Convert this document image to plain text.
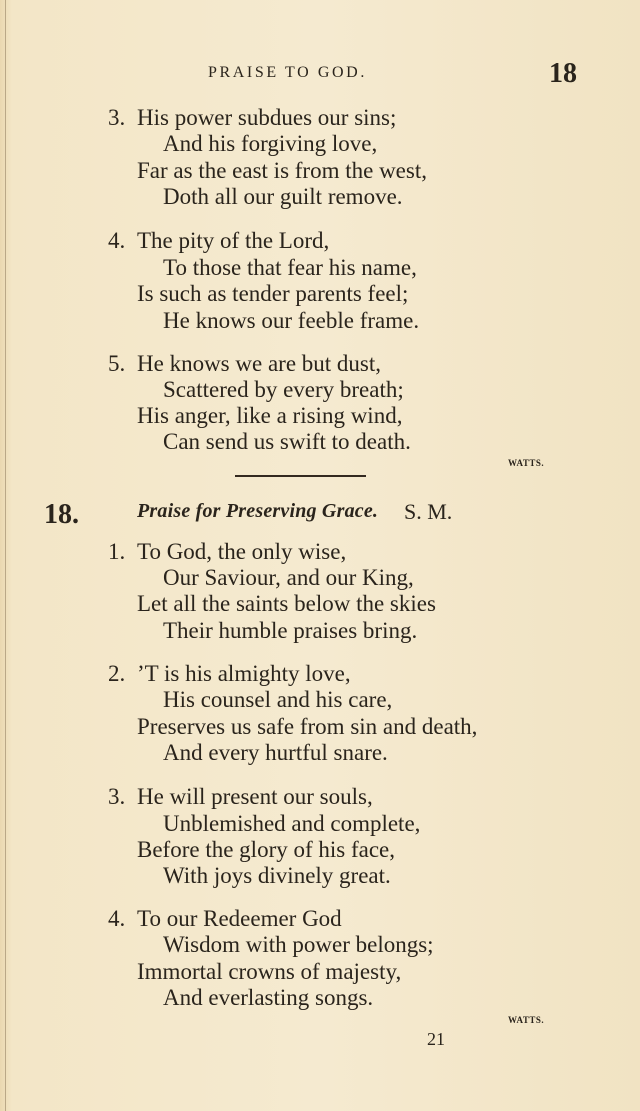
PRAISE TO GOD.	18
3. His power subdues our sins;
And his forgiving love,
Far as the east is from the west,
Doth all our guilt remove.
4. The pity of the Lord,
To those that fear his name,
Is such as tender parents feel;
He knows our feeble frame.
5. He knows we are but dust,
Scattered by every breath;
His anger, like a rising wind,
Can send us swift to death.
WATTS.
18.	Praise for Preserving Grace. S. M.
1. To God, the only wise,
Our Saviour, and our King,
Let all the saints below the skies
Their humble praises bring.
2. ’T is his almighty love,
His counsel and his care,
Preserves us safe from sin and death,
And every hurtful snare.
3. He will present our souls,
Unblemished and complete,
Before the glory of his face,
With joys divinely great.
4. To our Redeemer God
Wisdom with power belongs;
Immortal crowns of majesty,
And everlasting songs.
WATTS.
21
